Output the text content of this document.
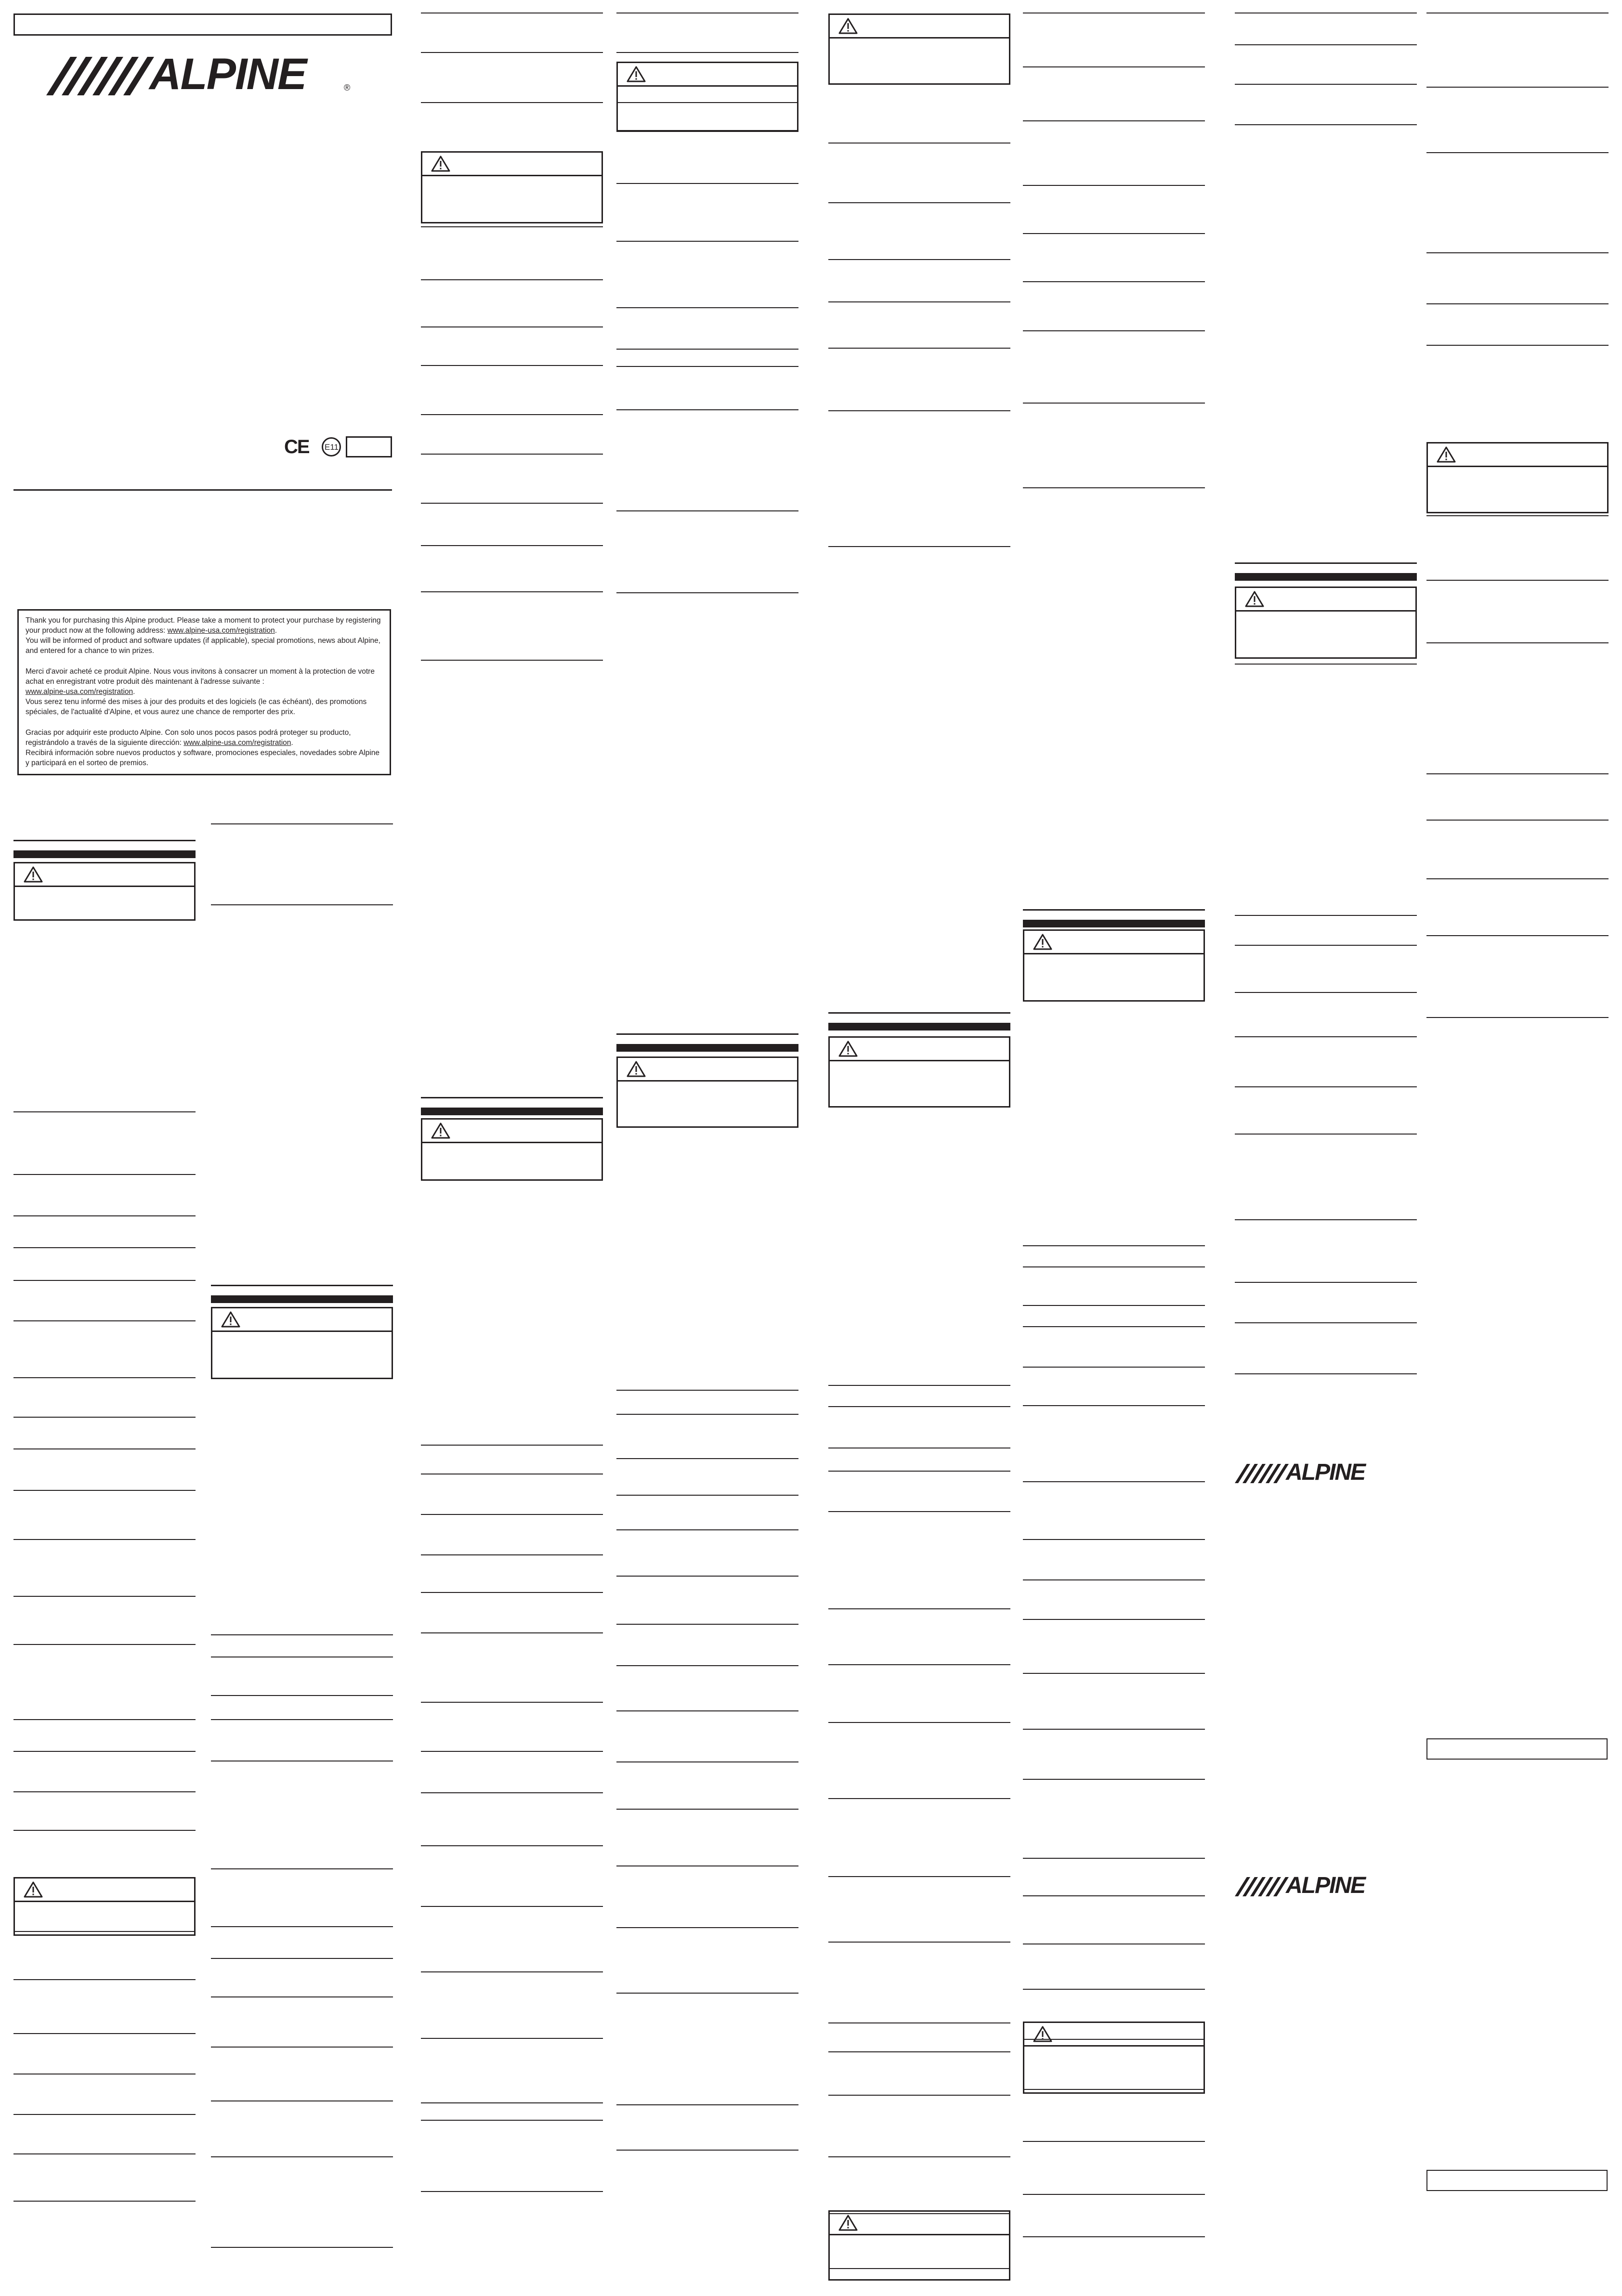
ALPINE	®
CE E11

Thank you for purchasing this Alpine product. Please take a moment to protect your purchase by registering your product now at the following address: www.alpine-usa.com/registration.
You will be informed of product and software updates (if applicable), special promotions, news about Alpine, and entered for a chance to win prizes.

Merci d'avoir acheté ce produit Alpine. Nous vous invitons à consacrer un moment à la protection de votre achat en enregistrant votre produit dès maintenant à l'adresse suivante :
www.alpine-usa.com/registration.
Vous serez tenu informé des mises à jour des produits et des logiciels (le cas échéant), des promotions spéciales, de l'actualité d'Alpine, et vous aurez une chance de remporter des prix.

Gracias por adquirir este producto Alpine. Con solo unos pocos pasos podrá proteger su producto, registrándolo a través de la siguiente dirección: www.alpine-usa.com/registration.
Recibirá información sobre nuevos productos y software, promociones especiales, novedades sobre Alpine y participará en el sorteo de premios.

ALPINE
ALPINE
